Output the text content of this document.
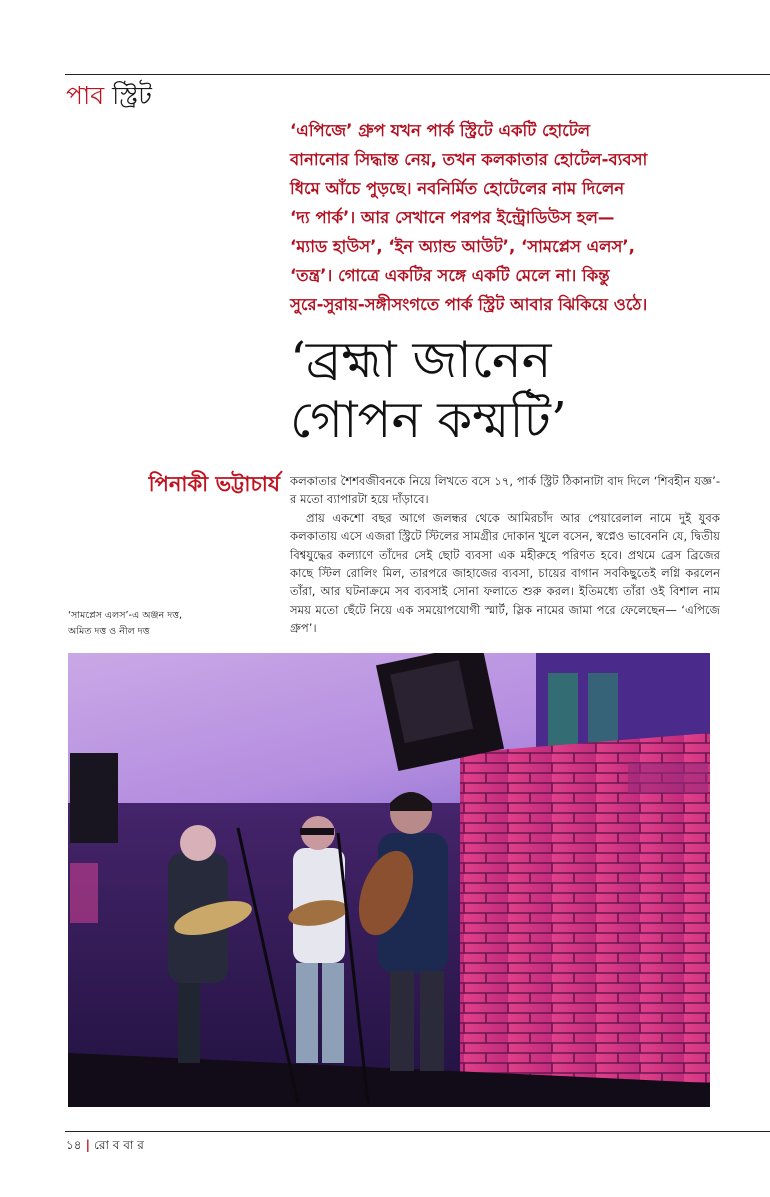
পাব স্ট্রিট

‘এপিজে’ গ্রুপ যখন পার্ক স্ট্রিটে একটি হোটেল

বানানোর সিদ্ধান্ত নেয়, তখন কলকাতার হোটেল-ব্যবসা

ধিমে আঁচে পুড়ছে। নবনির্মিত হোটেলের নাম দিলেন

‘দ্য পার্ক’। আর সেখানে পরপর ইন্ট্রোডিউস হল—

‘ম্যাড হাউস’, ‘ইন অ্যান্ড আউট’, ‘সামপ্লেস এলস’,

‘তন্ত্র’। গোত্রে একটির সঙ্গে একটি মেলে না। কিন্তু

সুরে-সুরায়-সঙ্গীসংগতে পার্ক স্ট্রিট আবার ঝিকিয়ে ওঠে।

‘ব্রহ্মা জানেন
গোপন কম্মটি’
পিনাকী ভট্টাচার্য কলকাতার শৈশবজীবনকে নিয়ে লিখতে বসে ১৭, পার্ক স্ট্রিট ঠিকানাটা বাদ দিলে ‘শিবহীন যজ্ঞ’-র মতো ব্যাপারটা হয়ে দাঁড়াবে।

প্রায় একশো বছর আগে জলন্ধর থেকে আমিরচাঁদ আর পেয়ারেলাল নামে দুই যুবক কলকাতায় এসে এজরা স্ট্রিটে স্টিলের সামগ্রীর দোকান খুলে বসেন, স্বপ্নেও ভাবেননি যে, দ্বিতীয় বিশ্বযুদ্ধের কল্যাণে তাঁদের সেই ছোট ব্যবসা এক মহীরুহে পরিণত হবে। প্রথমে ব্রেস ব্রিজের কাছে স্টিল রোলিং মিল, তারপরে জাহাজের ব্যবসা, চায়ের বাগান সবকিছুতেই লগ্নি করলেন তাঁরা, আর ঘটনাক্রমে সব ব্যবসাই সোনা ফলাতে শুরু করল। ইতিমধ্যে তাঁরা ওই বিশাল নাম সময় মতো ছেঁটে নিয়ে এক সময়োপযোগী স্মার্ট, স্লিক নামের জামা পরে ফেলেছেন— ‘এপিজে গ্রুপ’।

‘সামপ্লেস এলস’-এ অঞ্জন দত্ত,
অমিত দত্ত ও নীল দত্ত
১৪ | রো ব বা র
